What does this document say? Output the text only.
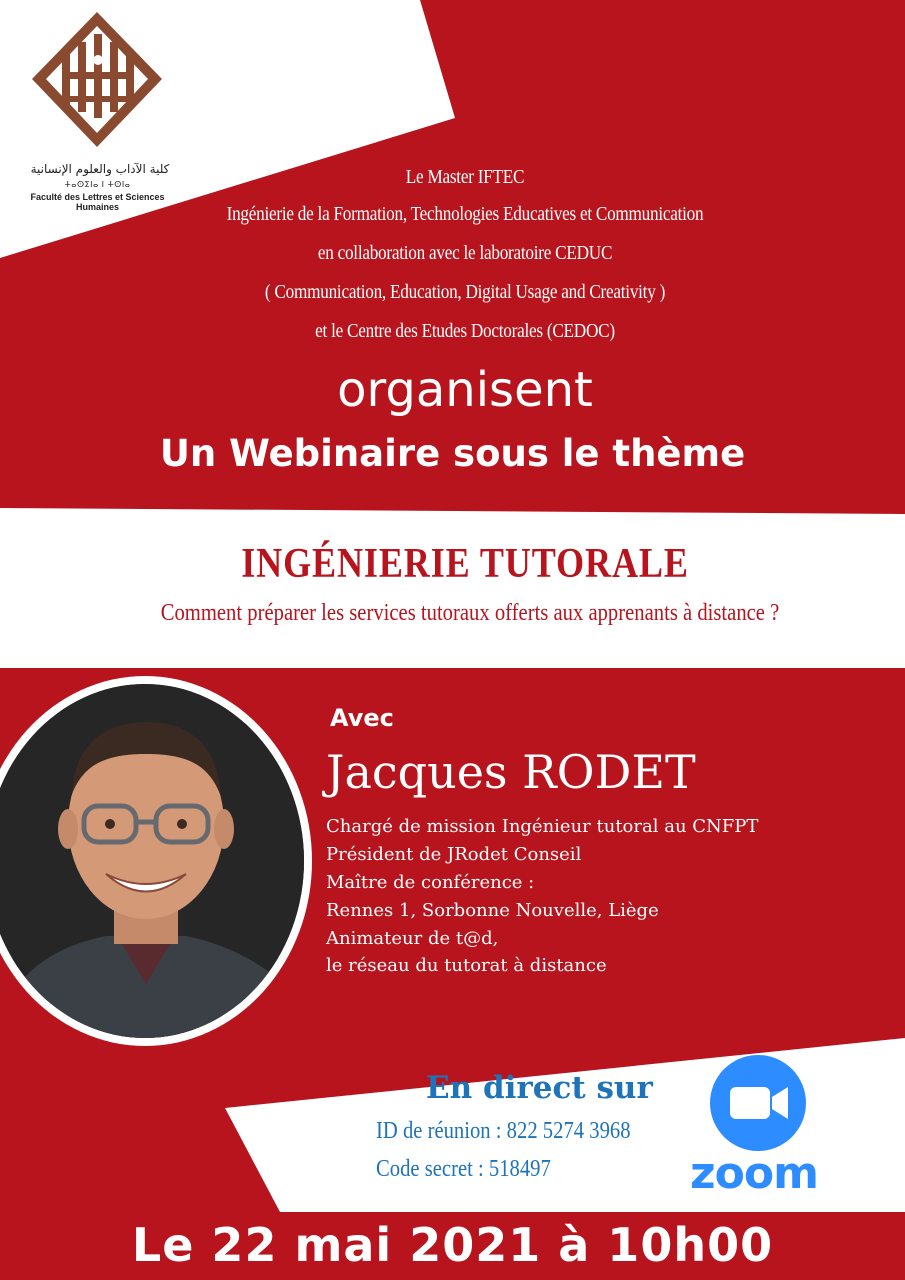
كلية الآداب والعلوم الإنسانية
ⵜⴰⵙⵉⵏⴰ ⵏ ⵜⵙⵏⴰ
Faculté des Lettres et Sciences Humaines
Le Master IFTEC
Ingénierie de la Formation, Technologies Educatives et Communication
en collaboration avec le laboratoire CEDUC
( Communication, Education, Digital Usage and Creativity )
et le Centre des Etudes Doctorales (CEDOC)
organisent
Un Webinaire sous le thème
INGÉNIERIE TUTORALE
Comment préparer les services tutoraux offerts aux apprenants à distance ?
Avec
Jacques RODET
Chargé de mission Ingénieur tutoral au CNFPT
Président de JRodet Conseil
Maître de conférence :
Rennes 1, Sorbonne Nouvelle, Liège
Animateur de t@d,
le réseau du tutorat à distance
En direct sur
ID de réunion : 822 5274 3968
Code secret : 518497	zoom
Le 22 mai 2021 à 10h00
